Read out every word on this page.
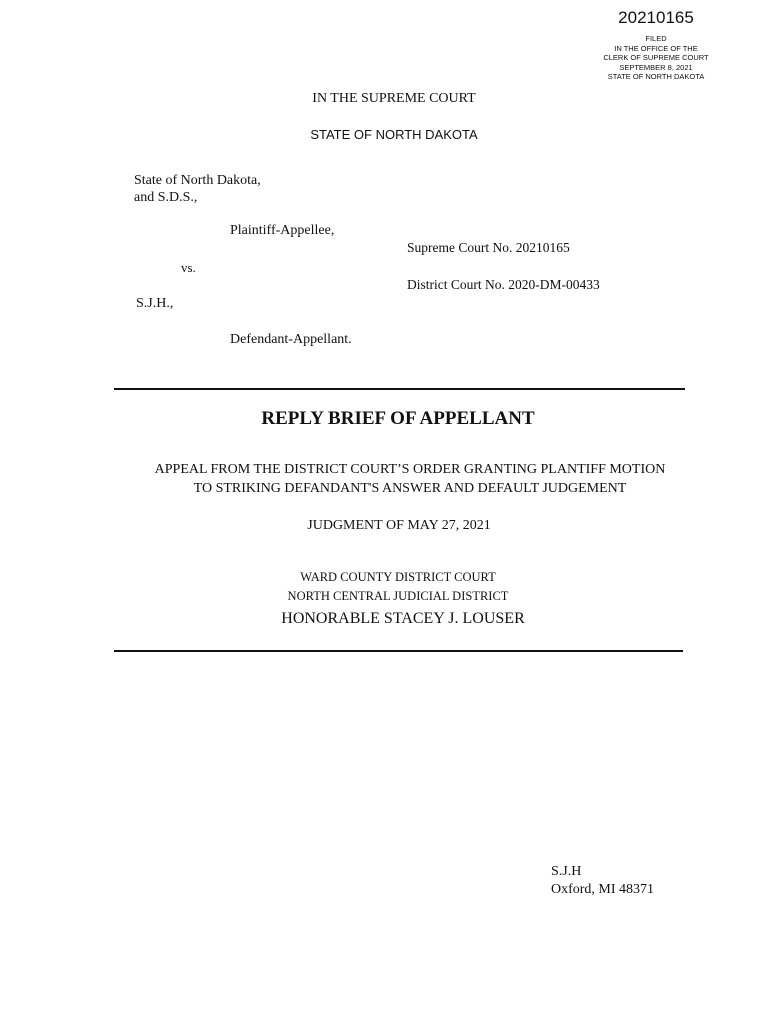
20210165
FILED
IN THE OFFICE OF THE
CLERK OF SUPREME COURT
SEPTEMBER 8, 2021
STATE OF NORTH DAKOTA
IN THE SUPREME COURT
STATE OF NORTH DAKOTA
State of North Dakota,
and S.D.S.,
Plaintiff-Appellee,
Supreme Court No. 20210165
vs.
District Court No. 2020-DM-00433
S.J.H.,
Defendant-Appellant.
REPLY BRIEF OF APPELLANT
APPEAL FROM THE DISTRICT COURT’S ORDER GRANTING PLANTIFF MOTION
TO STRIKING DEFANDANT'S ANSWER AND DEFAULT JUDGEMENT
JUDGMENT OF MAY 27, 2021
WARD COUNTY DISTRICT COURT
NORTH CENTRAL JUDICIAL DISTRICT
HONORABLE STACEY J. LOUSER
S.J.H
Oxford, MI 48371
